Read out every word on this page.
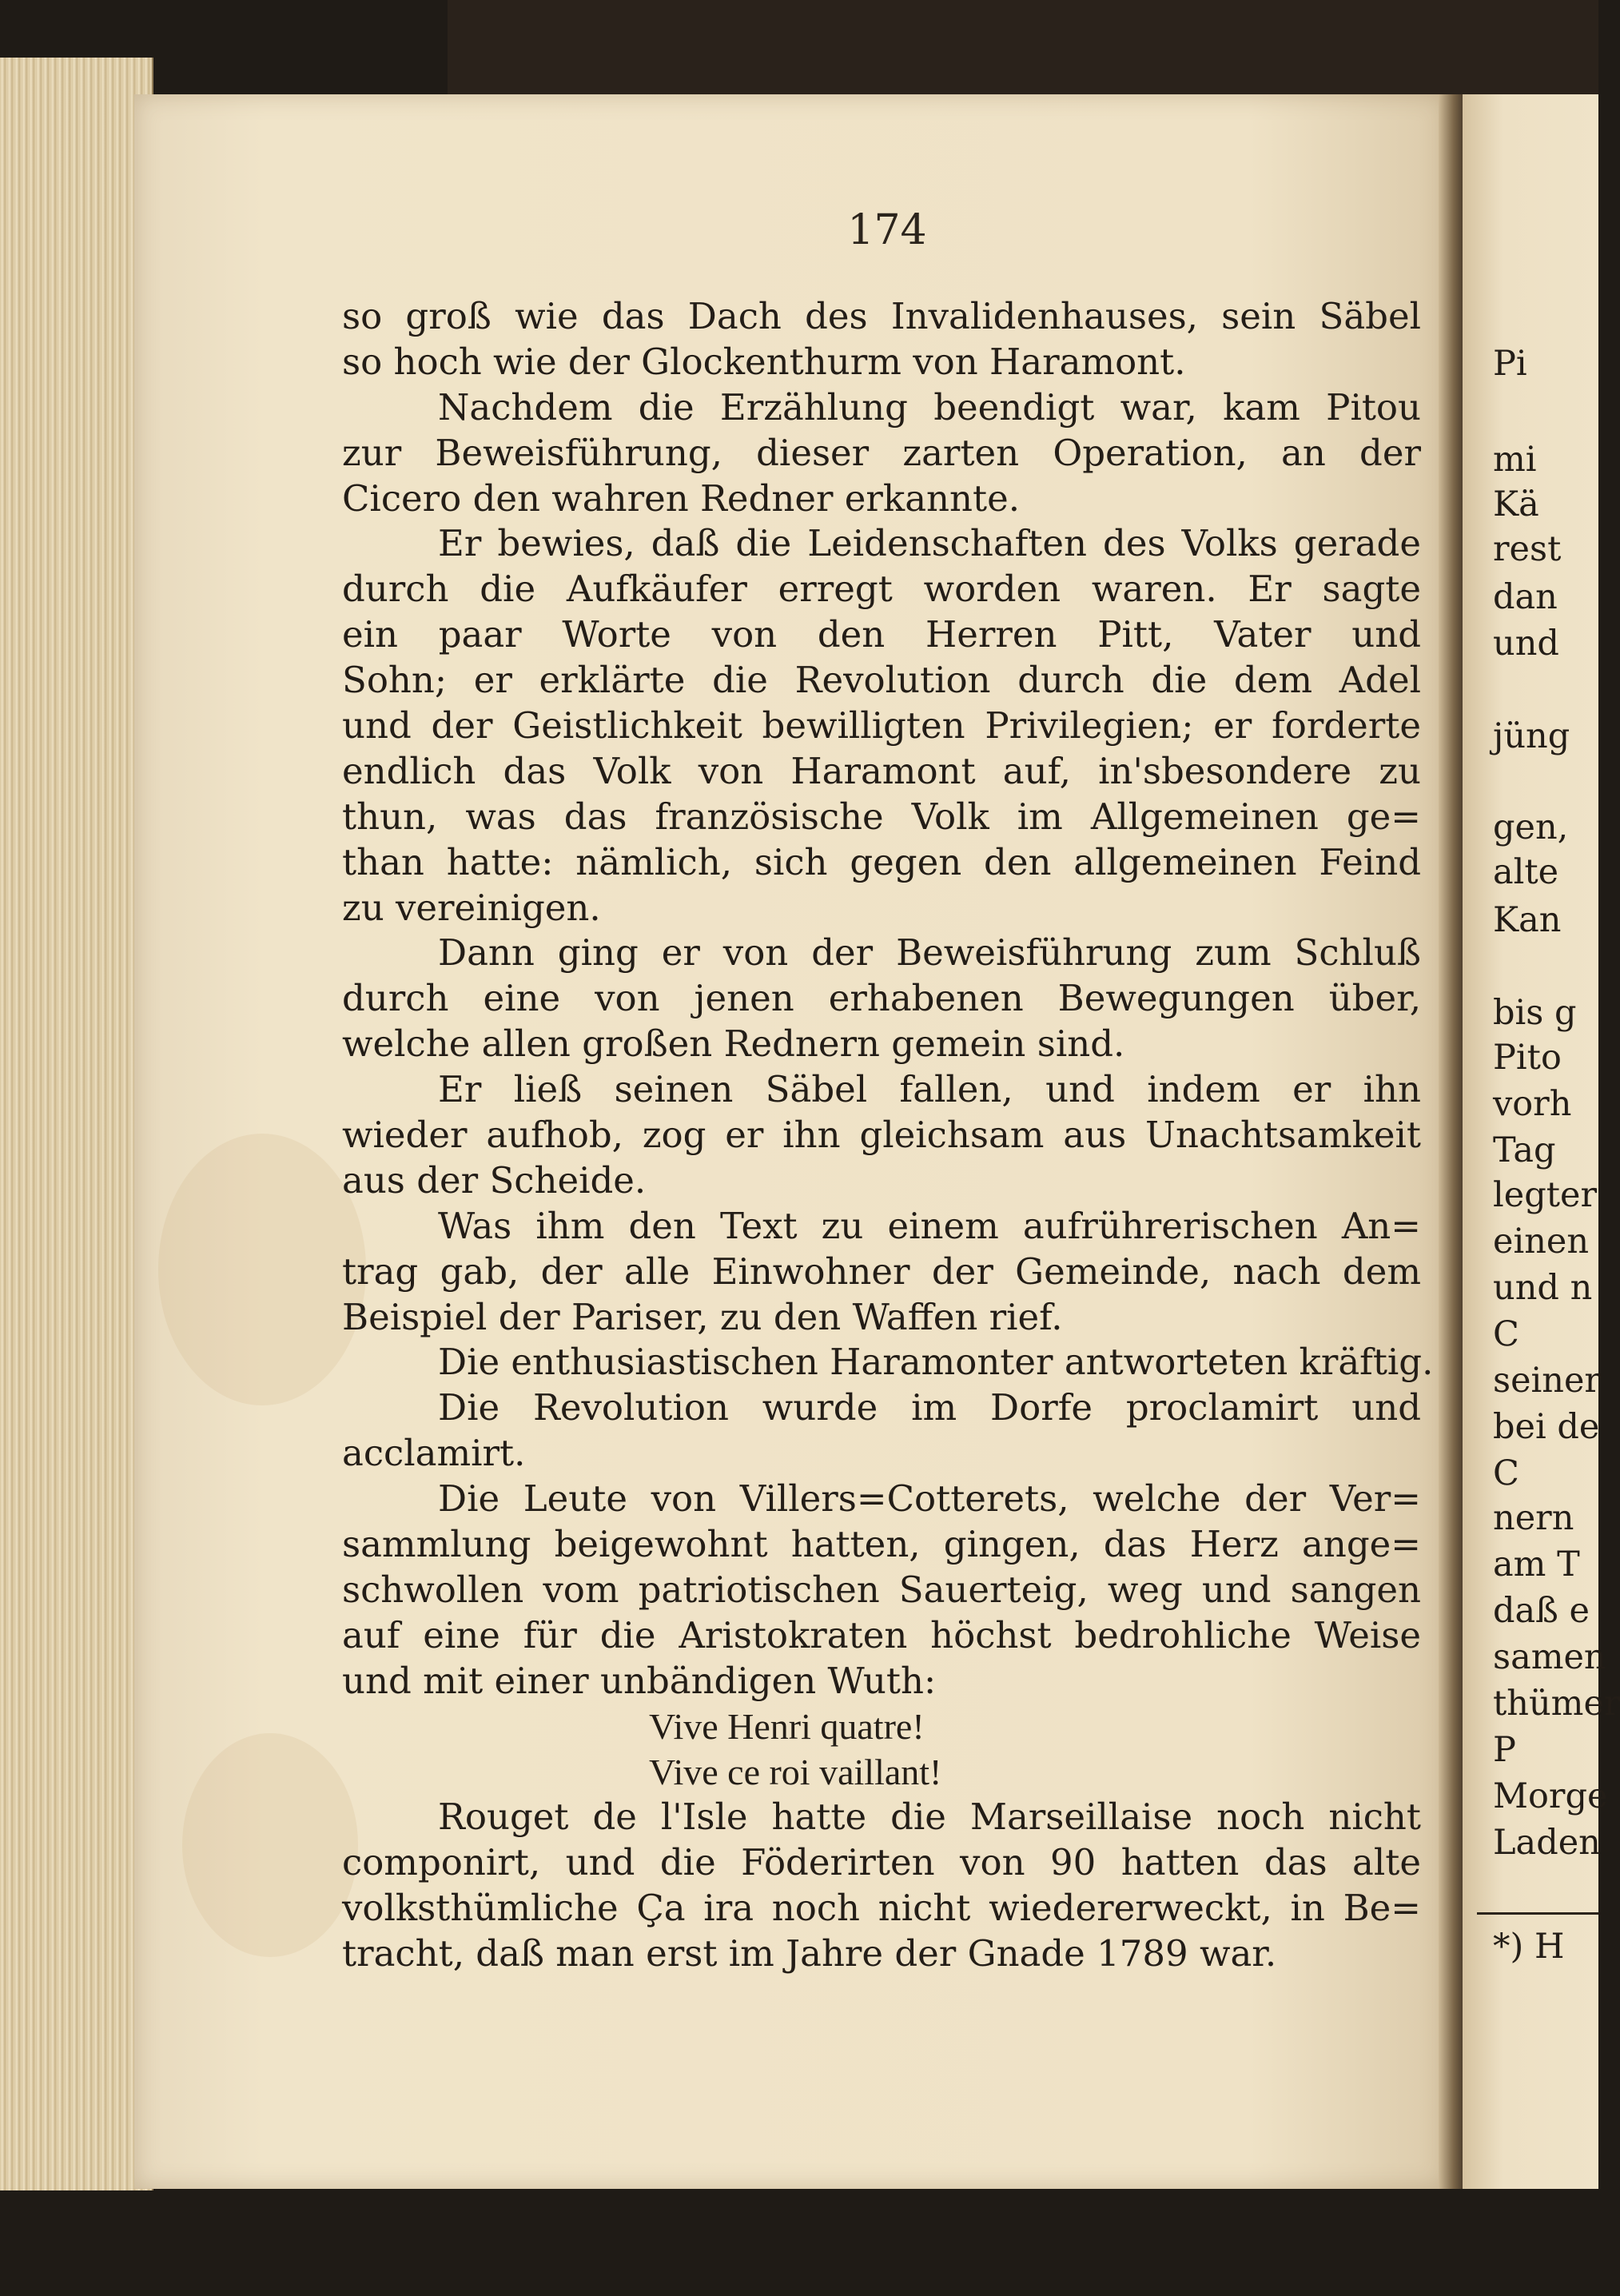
174
so groß wie das Dach des Invalidenhauses, sein Säbel
so hoch wie der Glockenthurm von Haramont.
Nachdem die Erzählung beendigt war, kam Pitou
zur Beweisführung, dieser zarten Operation, an der
Cicero den wahren Redner erkannte.
Er bewies, daß die Leidenschaften des Volks gerade
durch die Aufkäufer erregt worden waren. Er sagte
ein paar Worte von den Herren Pitt, Vater und
Sohn; er erklärte die Revolution durch die dem Adel
und der Geistlichkeit bewilligten Privilegien; er forderte
endlich das Volk von Haramont auf, in'sbesondere zu
thun, was das französische Volk im Allgemeinen ge=
than hatte: nämlich, sich gegen den allgemeinen Feind
zu vereinigen.
Dann ging er von der Beweisführung zum Schluß
durch eine von jenen erhabenen Bewegungen über,
welche allen großen Rednern gemein sind.
Er ließ seinen Säbel fallen, und indem er ihn
wieder aufhob, zog er ihn gleichsam aus Unachtsamkeit
aus der Scheide.
Was ihm den Text zu einem aufrührerischen An=
trag gab, der alle Einwohner der Gemeinde, nach dem
Beispiel der Pariser, zu den Waffen rief.
Die enthusiastischen Haramonter antworteten kräftig.
Die Revolution wurde im Dorfe proclamirt und
acclamirt.
Die Leute von Villers=Cotterets, welche der Ver=
sammlung beigewohnt hatten, gingen, das Herz ange=
schwollen vom patriotischen Sauerteig, weg und sangen
auf eine für die Aristokraten höchst bedrohliche Weise
und mit einer unbändigen Wuth:
Vive Henri quatre!
Vive ce roi vaillant!
Rouget de l'Isle hatte die Marseillaise noch nicht
componirt, und die Föderirten von 90 hatten das alte
volksthümliche Ça ira noch nicht wiedererweckt, in Be=
tracht, daß man erst im Jahre der Gnade 1789 war.
Pi
mi
Kä
rest
dan
und
jüng
gen,
alte
Kan
bis g
Pito
vorh
Tag
legter
einen
und n
C
seiner
bei de
C
nern
am T
daß e
samen
thümer
P
Morge
Laden
*) H
